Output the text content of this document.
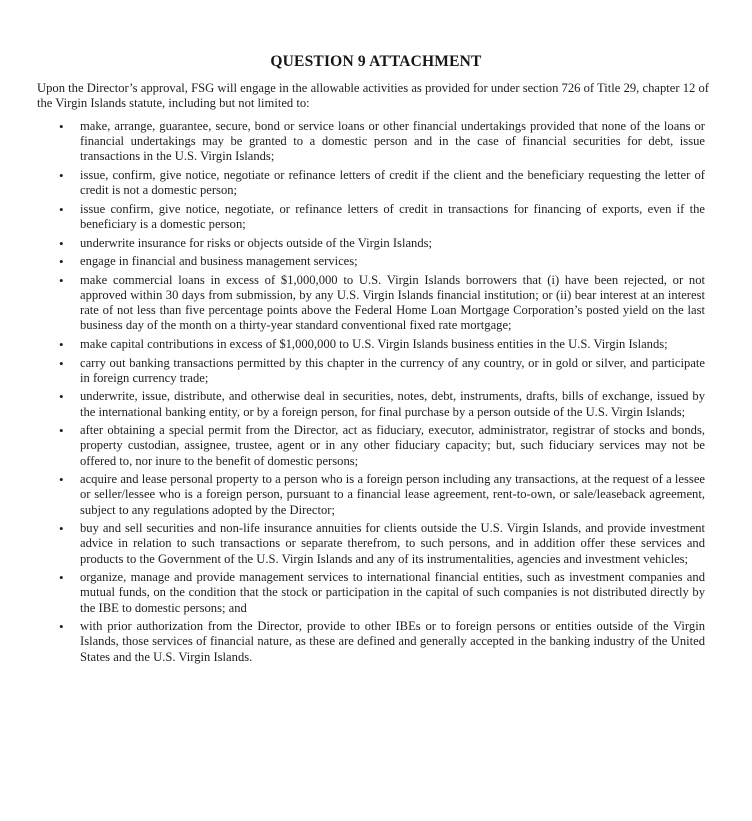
QUESTION 9 ATTACHMENT
Upon the Director’s approval, FSG will engage in the allowable activities as provided for under section 726 of Title 29, chapter 12 of the Virgin Islands statute, including but not limited to:
• make, arrange, guarantee, secure, bond or service loans or other financial undertakings provided that none of the loans or financial undertakings may be granted to a domestic person and in the case of financial securities for debt, issue transactions in the U.S. Virgin Islands;
• issue, confirm, give notice, negotiate or refinance letters of credit if the client and the beneficiary requesting the letter of credit is not a domestic person;
• issue confirm, give notice, negotiate, or refinance letters of credit in transactions for financing of exports, even if the beneficiary is a domestic person;
• underwrite insurance for risks or objects outside of the Virgin Islands;
• engage in financial and business management services;
• make commercial loans in excess of $1,000,000 to U.S. Virgin Islands borrowers that (i) have been rejected, or not approved within 30 days from submission, by any U.S. Virgin Islands financial institution; or (ii) bear interest at an interest rate of not less than five percentage points above the Federal Home Loan Mortgage Corporation’s posted yield on the last business day of the month on a thirty-year standard conventional fixed rate mortgage;
• make capital contributions in excess of $1,000,000 to U.S. Virgin Islands business entities in the U.S. Virgin Islands;
• carry out banking transactions permitted by this chapter in the currency of any country, or in gold or silver, and participate in foreign currency trade;
• underwrite, issue, distribute, and otherwise deal in securities, notes, debt, instruments, drafts, bills of exchange, issued by the international banking entity, or by a foreign person, for final purchase by a person outside of the U.S. Virgin Islands;
• after obtaining a special permit from the Director, act as fiduciary, executor, administrator, registrar of stocks and bonds, property custodian, assignee, trustee, agent or in any other fiduciary capacity; but, such fiduciary services may not be offered to, nor inure to the benefit of domestic persons;
• acquire and lease personal property to a person who is a foreign person including any transactions, at the request of a lessee or seller/lessee who is a foreign person, pursuant to a financial lease agreement, rent-to-own, or sale/leaseback agreement, subject to any regulations adopted by the Director;
• buy and sell securities and non-life insurance annuities for clients outside the U.S. Virgin Islands, and provide investment advice in relation to such transactions or separate therefrom, to such persons, and in addition offer these services and products to the Government of the U.S. Virgin Islands and any of its instrumentalities, agencies and investment vehicles;
• organize, manage and provide management services to international financial entities, such as investment companies and mutual funds, on the condition that the stock or participation in the capital of such companies is not distributed directly by the IBE to domestic persons; and
• with prior authorization from the Director, provide to other IBEs or to foreign persons or entities outside of the Virgin Islands, those services of financial nature, as these are defined and generally accepted in the banking industry of the United States and the U.S. Virgin Islands.
